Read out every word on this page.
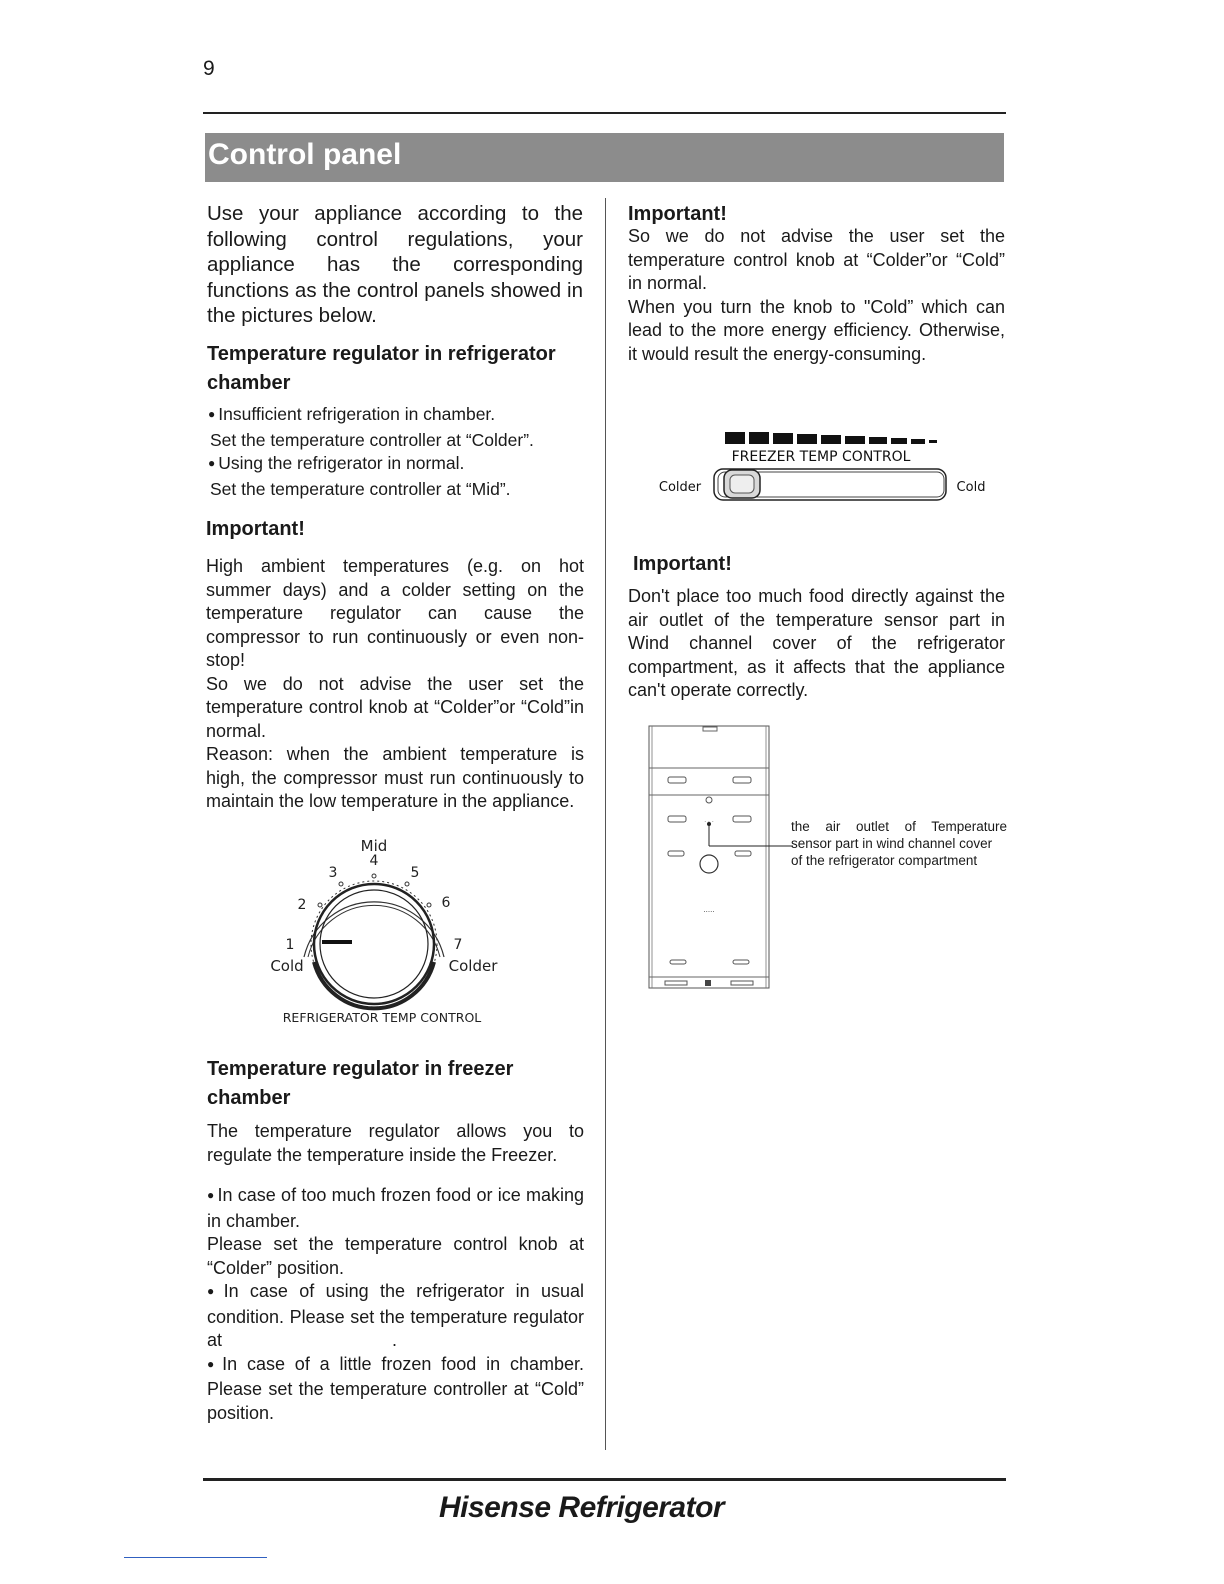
9
Control panel
Use your appliance according to the following control regulations, your appliance has the corresponding functions as the control panels showed in the pictures below.
Temperature regulator in refrigerator chamber
● Insufficient refrigeration in chamber.
Set the temperature controller at “Colder”.
● Using the refrigerator in normal.
Set the temperature controller at “Mid”.
Important!
High ambient temperatures (e.g. on hot summer days) and a colder setting on the temperature regulator can cause the compressor to run continuously or even non-stop!
So we do not advise the user set the temperature control knob at “Colder”or “Cold”in normal.
Reason: when the ambient temperature is high, the compressor must run continuously to maintain the low temperature in the appliance.
Mid
1
2
3
4
5
6
7
Cold	Colder
REFRIGERATOR TEMP CONTROL
Temperature regulator in freezer chamber
The temperature regulator allows you to regulate the temperature inside the Freezer.
● In case of too much frozen food or ice making in chamber.
Please set the temperature control knob at “Colder” position.
● In case of using the refrigerator in usual condition. Please set the temperature regulator at	.
● In case of a little frozen food in chamber. Please set the temperature controller at “Cold” position.
Important!
So we do not advise the user set the temperature control knob at “Colder”or “Cold” in normal.
When you turn the knob to "Cold” which can lead to the more energy efficiency. Otherwise, it would result the energy-consuming.
FREEZER TEMP CONTROL
Colder	Cold
Important!
Don't place too much food directly against the air outlet of the temperature sensor part in Wind channel cover of the refrigerator compartment, as it affects that the appliance can't operate correctly.
. . .
.....
the air outlet of Temperature
sensor part in wind channel cover
of the refrigerator compartment
Hisense Refrigerator
